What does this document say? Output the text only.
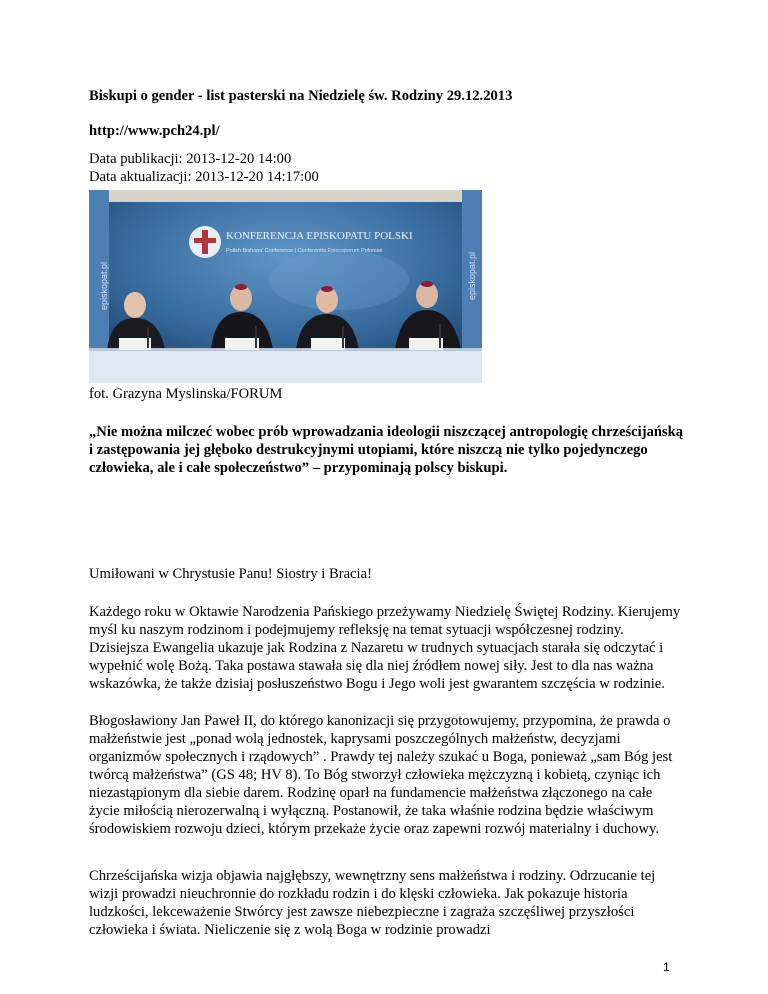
Biskupi o gender - list pasterski na Niedzielę św. Rodziny 29.12.2013
http://www.pch24.pl/
Data publikacji: 2013-12-20 14:00
Data aktualizacji: 2013-12-20 14:17:00
KONFERENCJA EPISKOPATU POLSKI
Polish Bishops' Conference | Conferentia Episcoporum Poloniae
episkopat.pl	episkopat.pl
fot. Grazyna Myslinska/FORUM
„Nie można milczeć wobec prób wprowadzania ideologii niszczącej antropologię chrześcijańską i zastępowania jej głęboko destrukcyjnymi utopiami, które niszczą nie tylko pojedynczego człowieka, ale i całe społeczeństwo” – przypominają polscy biskupi.
Umiłowani w Chrystusie Panu! Siostry i Bracia!
Każdego roku w Oktawie Narodzenia Pańskiego przeżywamy Niedzielę Świętej Rodziny. Kierujemy myśl ku naszym rodzinom i podejmujemy refleksję na temat sytuacji współczesnej rodziny. Dzisiejsza Ewangelia ukazuje jak Rodzina z Nazaretu w trudnych sytuacjach starała się odczytać i wypełnić wolę Bożą. Taka postawa stawała się dla niej źródłem nowej siły. Jest to dla nas ważna wskazówka, że także dzisiaj posłuszeństwo Bogu i Jego woli jest gwarantem szczęścia w rodzinie.
Błogosławiony Jan Paweł II, do którego kanonizacji się przygotowujemy, przypomina, że prawda o małżeństwie jest „ponad wolą jednostek, kaprysami poszczególnych małżeństw, decyzjami organizmów społecznych i rządowych” . Prawdy tej należy szukać u Boga, ponieważ „sam Bóg jest twórcą małżeństwa” (GS 48; HV 8). To Bóg stworzył człowieka mężczyzną i kobietą, czyniąc ich niezastąpionym dla siebie darem. Rodzinę oparł na fundamencie małżeństwa złączonego na całe życie miłością nierozerwalną i wyłączną. Postanowił, że taka właśnie rodzina będzie właściwym środowiskiem rozwoju dzieci, którym przekaże życie oraz zapewni rozwój materialny i duchowy.
Chrześcijańska wizja objawia najgłębszy, wewnętrzny sens małżeństwa i rodziny. Odrzucanie tej wizji prowadzi nieuchronnie do rozkładu rodzin i do klęski człowieka. Jak pokazuje historia ludzkości, lekceważenie Stwórcy jest zawsze niebezpieczne i zagraża szczęśliwej przyszłości człowieka i świata. Nieliczenie się z wolą Boga w rodzinie prowadzi
1
